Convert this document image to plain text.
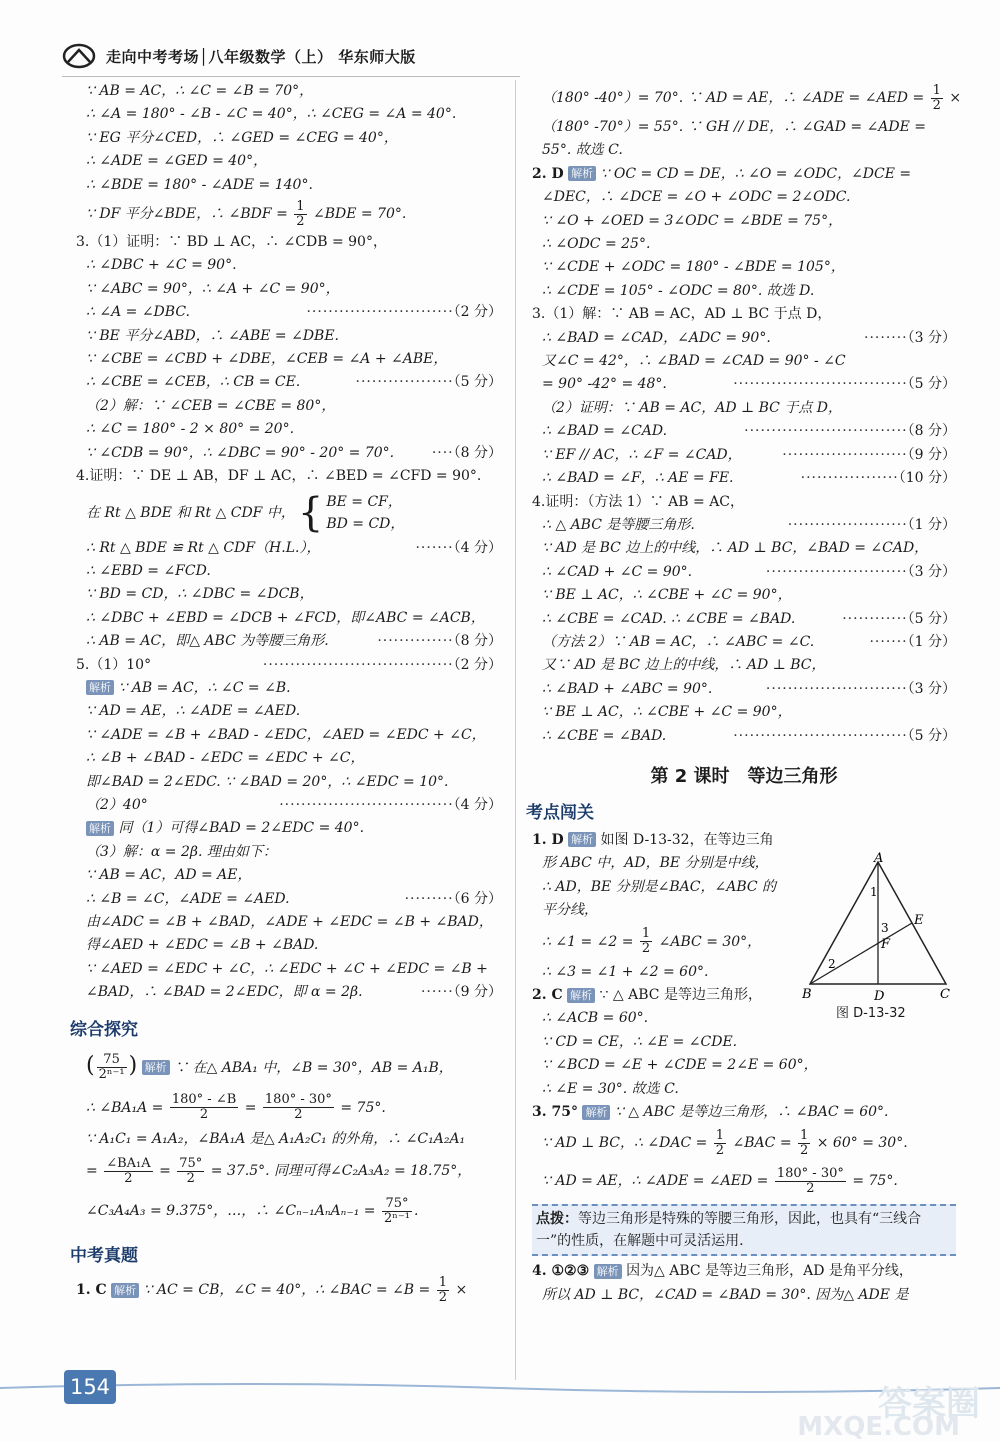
走向中考考场│八年级数学（上） 华东师大版
∵ AB = AC，∴ ∠C = ∠B = 70°，
∴ ∠A = 180° - ∠B - ∠C = 40°，∴ ∠CEG = ∠A = 40°.
∵ EG 平分∠CED，∴ ∠GED = ∠CEG = 40°，
∴ ∠ADE = ∠GED = 40°，
∴ ∠BDE = 180° - ∠ADE = 140°.
∵ DF 平分∠BDE，∴ ∠BDF = $\frac{1}{2}$ ∠BDE = 70°.
3.（1）证明：∵ BD ⊥ AC，∴ ∠CDB = 90°，
∴ ∠DBC + ∠C = 90°.
∵ ∠ABC = 90°，∴ ∠A + ∠C = 90°，
∴ ∠A = ∠DBC.	···························（2 分）
∵ BE 平分∠ABD，∴ ∠ABE = ∠DBE.
∵ ∠CBE = ∠CBD + ∠DBE，∠CEB = ∠A + ∠ABE，
∴ ∠CBE = ∠CEB，∴ CB = CE.	··················（5 分）
（2）解：∵ ∠CEB = ∠CBE = 80°，
∴ ∠C = 180° - 2 × 80° = 20°.
∵ ∠CDB = 90°，∴ ∠DBC = 90° - 20° = 70°.	····（8 分）
4.证明：∵ DE ⊥ AB，DF ⊥ AC，∴ ∠BED = ∠CFD = 90°.
在 Rt △ BDE 和 Rt △ CDF 中，{ BE = CF，
BD = CD，
∴ Rt △ BDE ≌ Rt △ CDF（H.L.），	·······（4 分）
∴ ∠EBD = ∠FCD.
∵ BD = CD，∴ ∠DBC = ∠DCB，
∴ ∠DBC + ∠EBD = ∠DCB + ∠FCD，即∠ABC = ∠ACB，
∴ AB = AC，即△ ABC 为等腰三角形.	··············（8 分）
5.（1）10°	···································（2 分）
解析 ∵ AB = AC，∴ ∠C = ∠B.
∵ AD = AE，∴ ∠ADE = ∠AED.
∵ ∠ADE = ∠B + ∠BAD - ∠EDC，∠AED = ∠EDC + ∠C，
∴ ∠B + ∠BAD - ∠EDC = ∠EDC + ∠C，
即∠BAD = 2∠EDC. ∵ ∠BAD = 20°，∴ ∠EDC = 10°.
（2）40°	································（4 分）
解析 同（1）可得∠BAD = 2∠EDC = 40°.
（3）解：α = 2β. 理由如下：
∵ AB = AC，AD = AE，
∴ ∠B = ∠C，∠ADE = ∠AED.	·········（6 分）
由∠ADC = ∠B + ∠BAD，∠ADE + ∠EDC = ∠B + ∠BAD，
得∠AED + ∠EDC = ∠B + ∠BAD.
∵ ∠AED = ∠EDC + ∠C，∴ ∠EDC + ∠C + ∠EDC = ∠B +
∠BAD，∴ ∠BAD = 2∠EDC，即 α = 2β.	······（9 分）
综合探究
( $\frac{75}{\text{2ⁿ⁻¹}}$ ) 解析 ∵ 在△ ABA₁ 中，∠B = 30°，AB = A₁B，
∴ ∠BA₁A = $\frac{180^\circ - \angle B}{2} = \frac{180^\circ - 30^\circ}{2} = 75^\circ$.
∵ A₁C₁ = A₁A₂，∠BA₁A 是△ A₁A₂C₁ 的外角，∴ ∠C₁A₂A₁
= $\frac{\text{∠BA₁A}}{2} = \frac{75^\circ}{2} = 37.5^\circ$. 同理可得∠C₂A₃A₂ = 18.75°，
∠C₃A₄A₃ = 9.375°，…，∴ ∠Cₙ₋₁AₙAₙ₋₁ = $\frac{75^\circ}{\text{2ⁿ⁻¹}}$ .
中考真题
1. C 解析 ∵ AC = CB，∠C = 40°，∴ ∠BAC = ∠B = $\frac{1}{2}$ ×
（180° -40°）= 70°. ∵ AD = AE，∴ ∠ADE = ∠AED = $\frac{1}{2}$ ×
（180° -70°）= 55°. ∵ GH // DE，∴ ∠GAD = ∠ADE =
55°. 故选 C.
2. D 解析 ∵ OC = CD = DE，∴ ∠O = ∠ODC，∠DCE =
∠DEC，∴ ∠DCE = ∠O + ∠ODC = 2∠ODC.
∵ ∠O + ∠OED = 3∠ODC = ∠BDE = 75°，
∴ ∠ODC = 25°.
∵ ∠CDE + ∠ODC = 180° - ∠BDE = 105°，
∴ ∠CDE = 105° - ∠ODC = 80°. 故选 D.
3.（1）解：∵ AB = AC，AD ⊥ BC 于点 D，
∴ ∠BAD = ∠CAD，∠ADC = 90°.	········（3 分）
又∠C = 42°，∴ ∠BAD = ∠CAD = 90° - ∠C
= 90° -42° = 48°.	································（5 分）
（2）证明：∵ AB = AC，AD ⊥ BC 于点 D，
∴ ∠BAD = ∠CAD.	······························（8 分）
∵ EF // AC，∴ ∠F = ∠CAD，	·······················（9 分）
∴ ∠BAD = ∠F，∴ AE = FE.	··················（10 分）
4.证明：（方法 1）∵ AB = AC，
∴ △ ABC 是等腰三角形.	······················（1 分）
∵ AD 是 BC 边上的中线，∴ AD ⊥ BC，∠BAD = ∠CAD，
∴ ∠CAD + ∠C = 90°.	··························（3 分）
∵ BE ⊥ AC，∴ ∠CBE + ∠C = 90°，
∴ ∠CBE = ∠CAD. ∴ ∠CBE = ∠BAD.	············（5 分）
（方法 2）∵ AB = AC，∴ ∠ABC = ∠C.	·······（1 分）
又∵ AD 是 BC 边上的中线，∴ AD ⊥ BC，
∴ ∠BAD + ∠ABC = 90°.	··························（3 分）
∵ BE ⊥ AC，∴ ∠CBE + ∠C = 90°，
∴ ∠CBE = ∠BAD.	································（5 分）
第 2 课时　等边三角形
考点闯关
1. D 解析 如图 D-13-32，在等边三角
形 ABC 中，AD，BE 分别是中线，
∴ AD，BE 分别是∠BAC，∠ABC 的
平分线，
∴ ∠1 = ∠2 = $\frac{1}{2}$ ∠ABC = 30°，
∴ ∠3 = ∠1 + ∠2 = 60°.
2. C 解析 ∵ △ ABC 是等边三角形，
∴ ∠ACB = 60°.
∵ CD = CE，∴ ∠E = ∠CDE.
∵ ∠BCD = ∠E + ∠CDE = 2∠E = 60°，
∴ ∠E = 30°. 故选 C.
3. 75° 解析 ∵ △ ABC 是等边三角形，∴ ∠BAC = 60°.
∵ AD ⊥ BC，∴ ∠DAC = $\frac{1}{2}$ ∠BAC = $\frac{1}{2} \times 60^\circ = 30^\circ$.
∵ AD = AE，∴ ∠ADE = ∠AED = $\frac{180^\circ - 30^\circ}{2} = 75^\circ$.
点拨：等边三角形是特殊的等腰三角形，因此，也具有“三线合一”的性质，在解题中可灵活运用.
4. ①②③ 解析 因为△ ABC 是等边三角形，AD 是角平分线，
所以 AD ⊥ BC，∠CAD = ∠BAD = 30°. 因为△ ADE 是
A
B	C
D
E
F
1
2
3
图 D-13-32
154	答案圈
MXQE.COM
